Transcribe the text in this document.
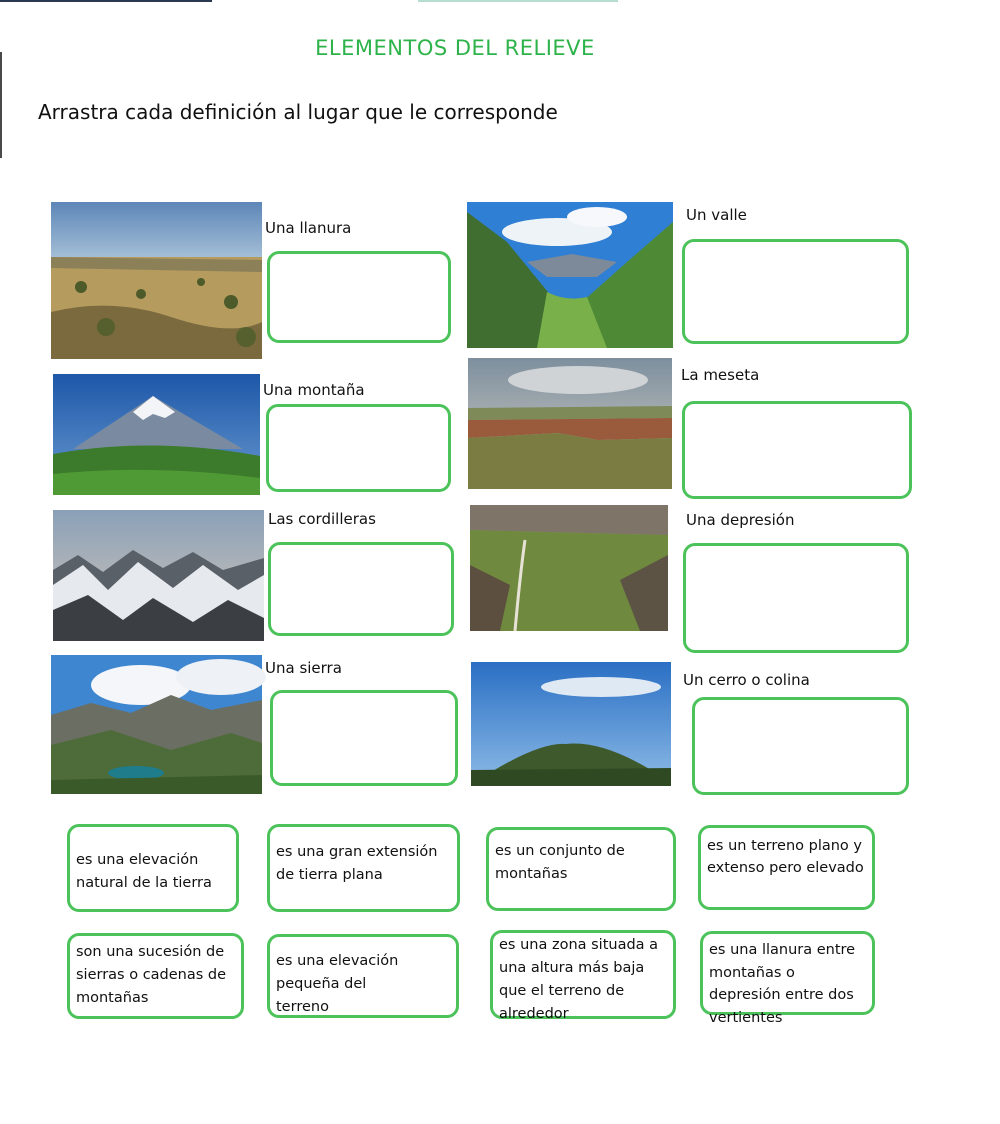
ELEMENTOS DEL RELIEVE
Arrastra cada definición al lugar que le corresponde
Una llanura
Una montaña
Las cordilleras
Una sierra
Un valle
La meseta
Una depresión
Un cerro o colina
es una elevación natural de la tierra
es una gran extensión de tierra plana
es un conjunto de montañas
es un terreno plano y extenso pero elevado
son una sucesión de sierras o cadenas de montañas
es una elevación pequeña del terreno
es una zona situada a una altura más baja que el terreno de alrededor
es una llanura entre montañas o depresión entre dos vertientes
